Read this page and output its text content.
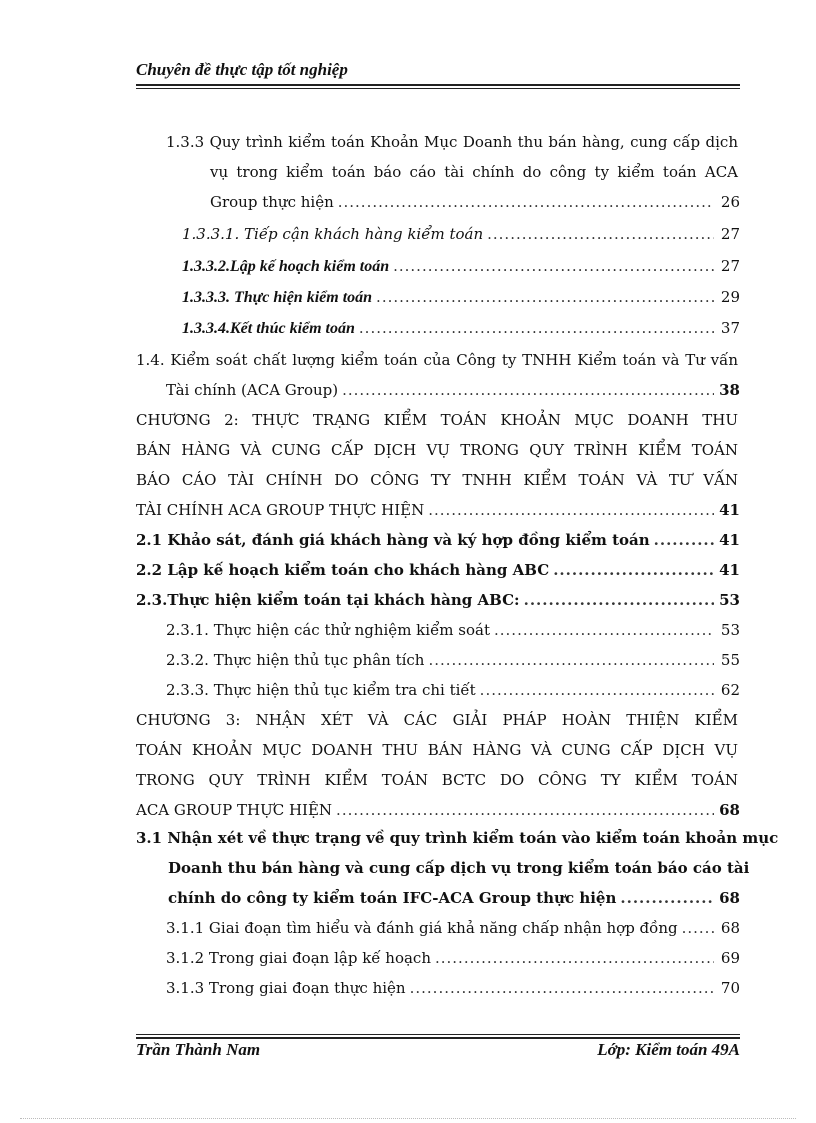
Chuyên đề thực tập tốt nghiệp
1.3.3 Quy trình kiểm toán Khoản Mục Doanh thu bán hàng, cung cấp dịch
vụ trong kiểm toán báo cáo tài chính do công ty kiểm toán ACA
Group thực hiện .....	26
1.3.3.1. Tiếp cận khách hàng kiểm toán .....	27
1.3.3.2.Lập kế hoạch kiểm toán .....	27
1.3.3.3. Thực hiện kiểm toán .....	29
1.3.3.4.Kết thúc kiểm toán .....	37
1.4. Kiểm soát chất lượng kiểm toán của Công ty TNHH Kiểm toán và Tư vấn
Tài chính (ACA Group) .....	38
CHƯƠNG 2: THỰC TRẠNG KIỂM TOÁN KHOẢN MỤC DOANH THU
BÁN HÀNG VÀ CUNG CẤP DỊCH VỤ TRONG QUY TRÌNH KIỂM TOÁN
BÁO CÁO TÀI CHÍNH DO CÔNG TY TNHH KIỂM TOÁN VÀ TƯ VẤN
TÀI CHÍNH ACA GROUP THỰC HIỆN .....	41
2.1 Khảo sát, đánh giá khách hàng và ký hợp đồng kiểm toán .....	41
2.2 Lập kế hoạch kiểm toán cho khách hàng ABC .....	41
2.3.Thực hiện kiểm toán tại khách hàng ABC: .....	53
2.3.1. Thực hiện các thử nghiệm kiểm soát .....	53
2.3.2. Thực hiện thủ tục phân tích .....	55
2.3.3. Thực hiện thủ tục kiểm tra chi tiết .....	62
CHƯƠNG 3: NHẬN XÉT VÀ CÁC GIẢI PHÁP HOÀN THIỆN KIỂM
TOÁN KHOẢN MỤC DOANH THU BÁN HÀNG VÀ CUNG CẤP DỊCH VỤ
TRONG QUY TRÌNH KIỂM TOÁN BCTC DO CÔNG TY KIỂM TOÁN
ACA GROUP THỰC HIỆN .....	68
3.1 Nhận xét về thực trạng về quy trình kiểm toán vào kiểm toán khoản mục
Doanh thu bán hàng và cung cấp dịch vụ trong kiểm toán báo cáo tài
chính do công ty kiểm toán IFC-ACA Group thực hiện .....	68
3.1.1 Giai đoạn tìm hiểu và đánh giá khả năng chấp nhận hợp đồng .....	68
3.1.2 Trong giai đoạn lập kế hoạch .....	69
3.1.3 Trong giai đoạn thực hiện .....	70
Trần Thành Nam	Lớp: Kiểm toán 49A
